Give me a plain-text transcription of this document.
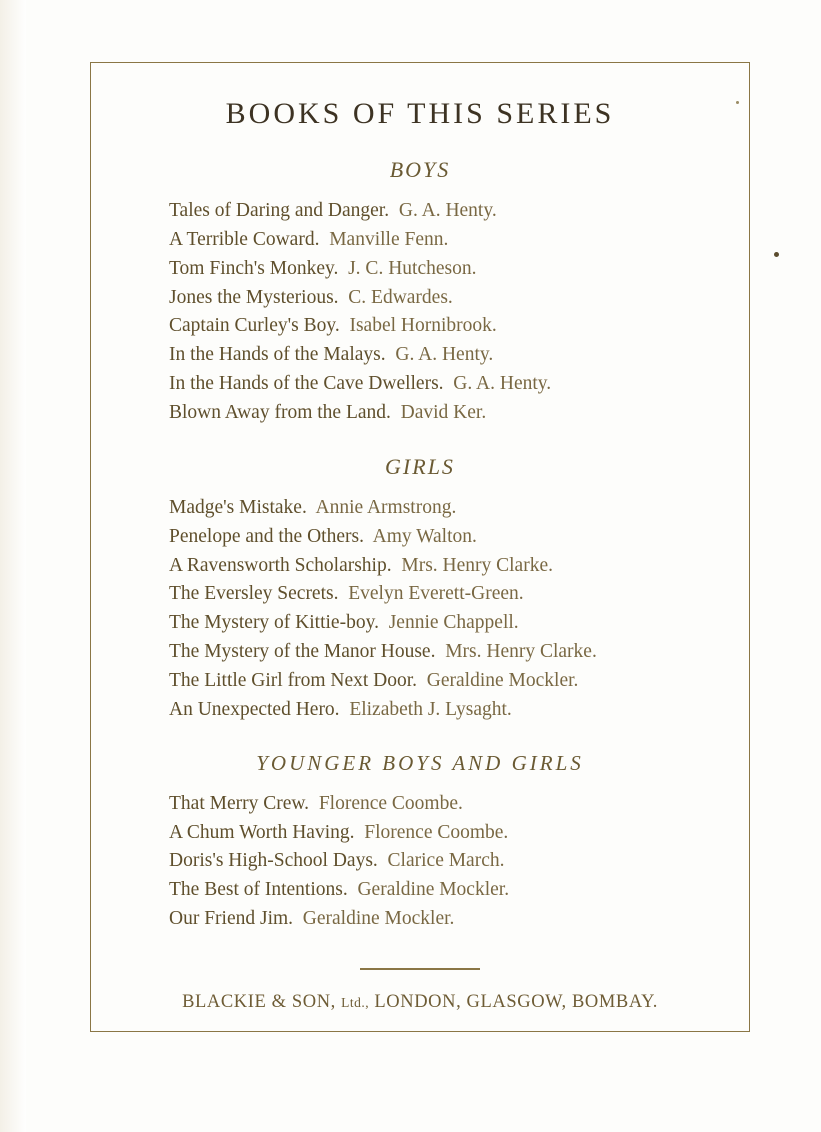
BOOKS OF THIS SERIES
BOYS
Tales of Daring and Danger. G. A. Henty.
A Terrible Coward. Manville Fenn.
Tom Finch's Monkey. J. C. Hutcheson.
Jones the Mysterious. C. Edwardes.
Captain Curley's Boy. Isabel Hornibrook.
In the Hands of the Malays. G. A. Henty.
In the Hands of the Cave Dwellers. G. A. Henty.
Blown Away from the Land. David Ker.
GIRLS
Madge's Mistake. Annie Armstrong.
Penelope and the Others. Amy Walton.
A Ravensworth Scholarship. Mrs. Henry Clarke.
The Eversley Secrets. Evelyn Everett-Green.
The Mystery of Kittie-boy. Jennie Chappell.
The Mystery of the Manor House. Mrs. Henry Clarke.
The Little Girl from Next Door. Geraldine Mockler.
An Unexpected Hero. Elizabeth J. Lysaght.
YOUNGER BOYS AND GIRLS
That Merry Crew. Florence Coombe.
A Chum Worth Having. Florence Coombe.
Doris's High-School Days. Clarice March.
The Best of Intentions. Geraldine Mockler.
Our Friend Jim. Geraldine Mockler.
BLACKIE & SON, Ltd., LONDON, GLASGOW, BOMBAY.
